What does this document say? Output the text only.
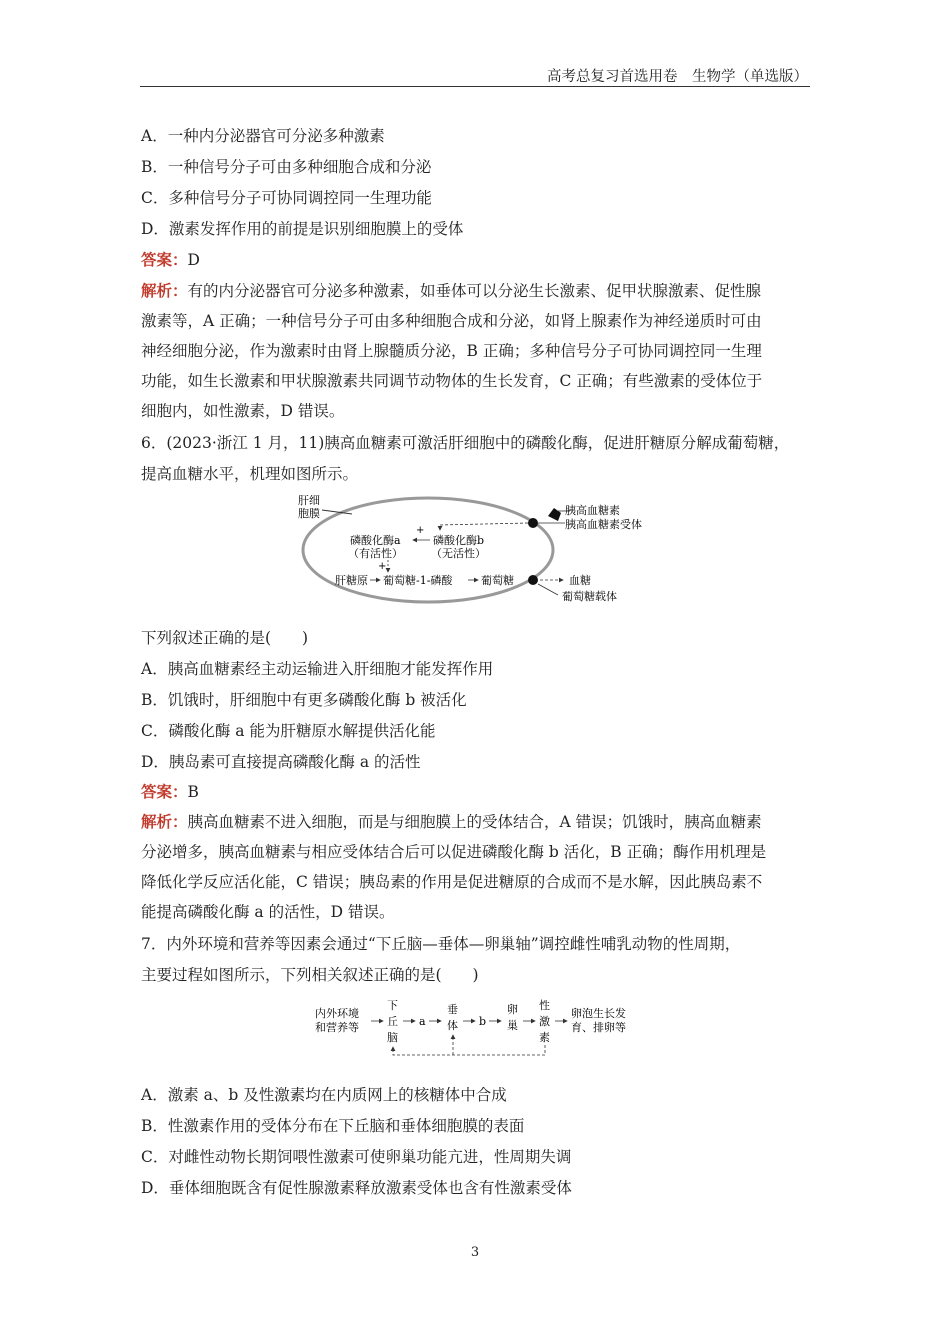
高考总复习首选用卷　生物学（单选版）
A．一种内分泌器官可分泌多种激素
B．一种信号分子可由多种细胞合成和分泌
C．多种信号分子可协同调控同一生理功能
D．激素发挥作用的前提是识别细胞膜上的受体
答案：D
解析：有的内分泌器官可分泌多种激素，如垂体可以分泌生长激素、促甲状腺激素、促性腺
激素等，A 正确；一种信号分子可由多种细胞合成和分泌，如肾上腺素作为神经递质时可由
神经细胞分泌，作为激素时由肾上腺髓质分泌，B 正确；多种信号分子可协同调控同一生理
功能，如生长激素和甲状腺激素共同调节动物体的生长发育，C 正确；有些激素的受体位于
细胞内，如性激素，D 错误。
6．(2023·浙江 1 月，11)胰高血糖素可激活肝细胞中的磷酸化酶，促进肝糖原分解成葡萄糖，
提高血糖水平，机理如图所示。
肝细
胞膜	胰高血糖素
胰高血糖素受体
+
磷酸化酶a
（有活性）
磷酸化酶b
（无活性）
+
肝糖原 葡萄糖-1-磷酸	葡萄糖	血糖
葡萄糖载体
下列叙述正确的是(　　)
A．胰高血糖素经主动运输进入肝细胞才能发挥作用
B．饥饿时，肝细胞中有更多磷酸化酶 b 被活化
C．磷酸化酶 a 能为肝糖原水解提供活化能
D．胰岛素可直接提高磷酸化酶 a 的活性
答案：B
解析：胰高血糖素不进入细胞，而是与细胞膜上的受体结合，A 错误；饥饿时，胰高血糖素
分泌增多，胰高血糖素与相应受体结合后可以促进磷酸化酶 b 活化，B 正确；酶作用机理是
降低化学反应活化能，C 错误；胰岛素的作用是促进糖原的合成而不是水解，因此胰岛素不
能提高磷酸化酶 a 的活性，D 错误。
7．内外环境和营养等因素会通过“下丘脑—垂体—卵巢轴”调控雌性哺乳动物的性周期，
主要过程如图所示，下列相关叙述正确的是(　　)
内外环境
和营养等
下
丘
脑
a
垂
体 b
卵
巢
性
激
素
卵泡生长发
育、排卵等
A．激素 a、b 及性激素均在内质网上的核糖体中合成
B．性激素作用的受体分布在下丘脑和垂体细胞膜的表面
C．对雌性动物长期饲喂性激素可使卵巢功能亢进，性周期失调
D．垂体细胞既含有促性腺激素释放激素受体也含有性激素受体
3
